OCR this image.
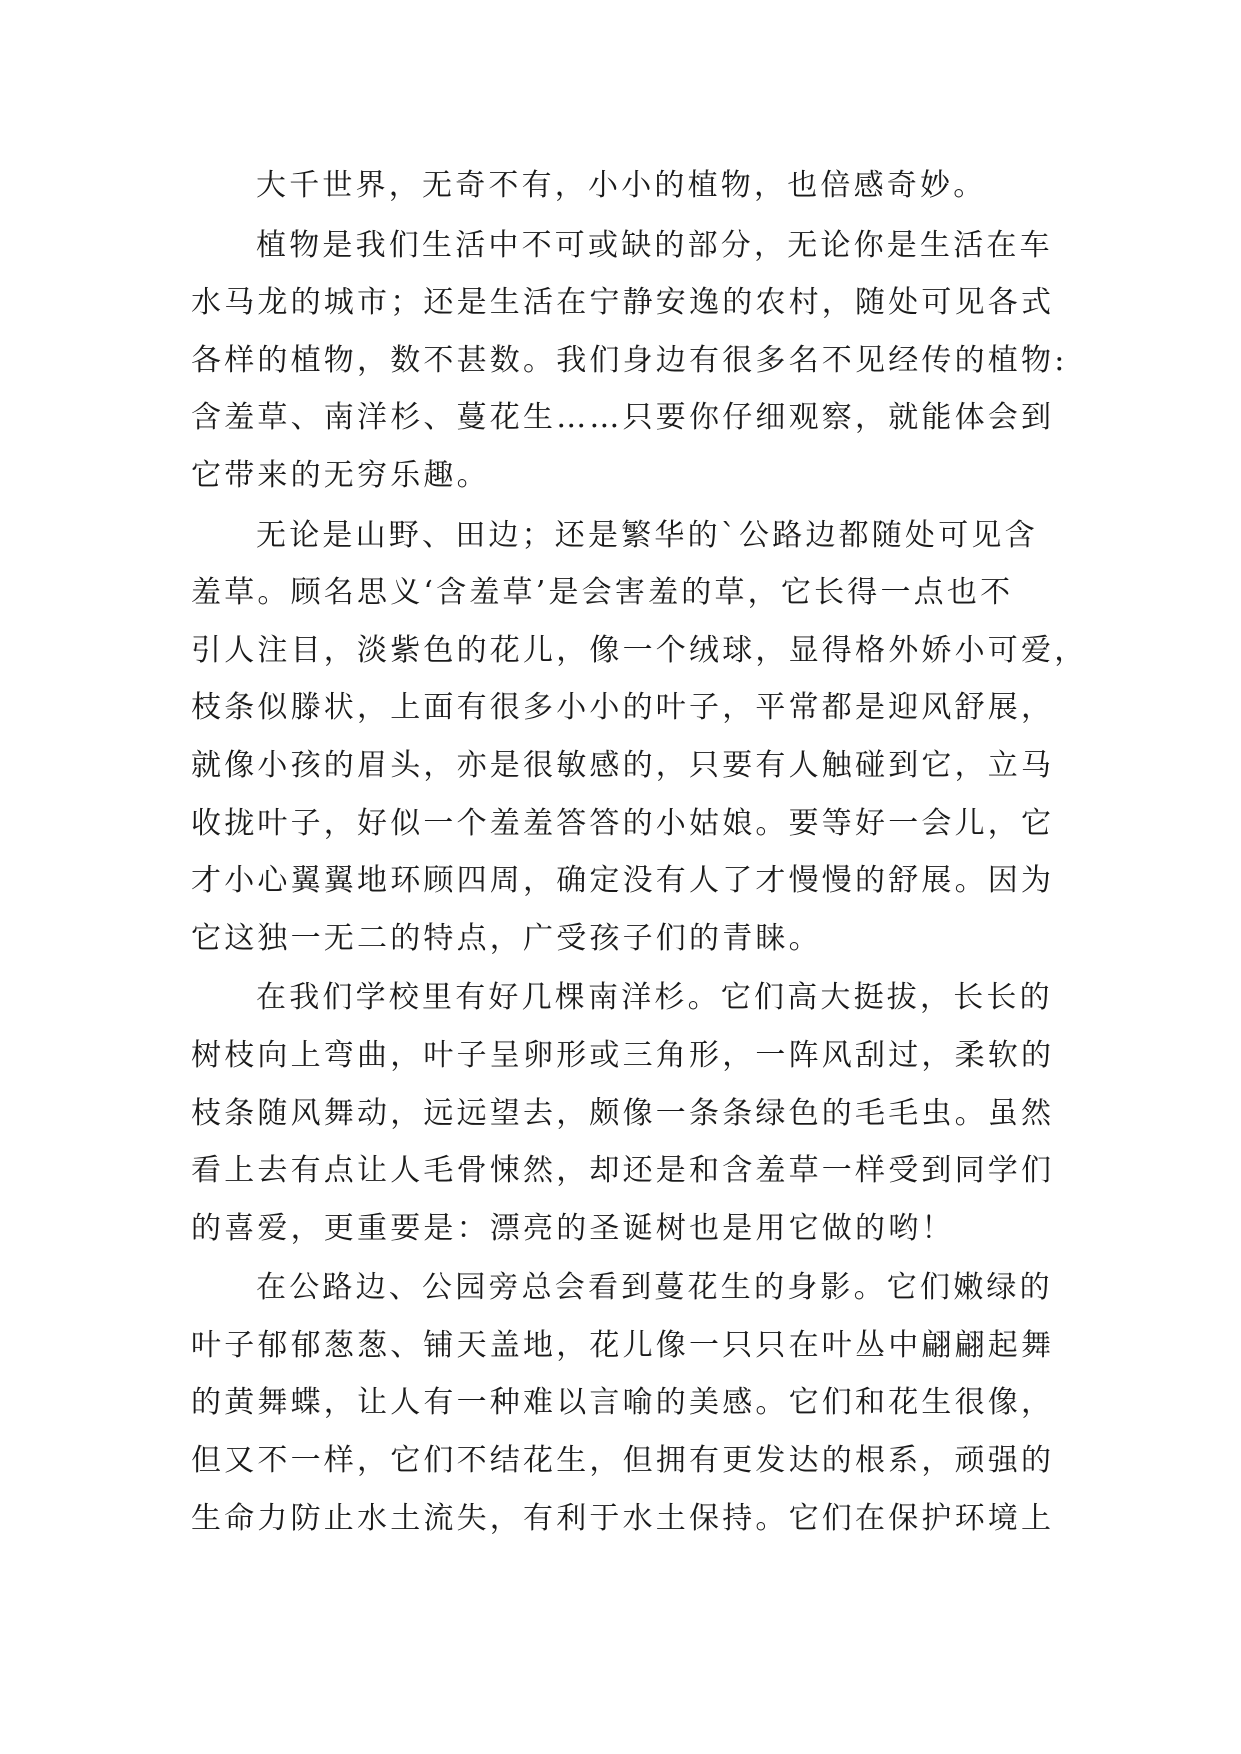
大千世界，无奇不有，小小的植物，也倍感奇妙。
植物是我们生活中不可或缺的部分，无论你是生活在车
水马龙的城市；还是生活在宁静安逸的农村，随处可见各式
各样的植物，数不甚数。我们身边有很多名不见经传的植物:
含羞草、南洋杉、蔓花生……只要你仔细观察，就能体会到
它带来的无穷乐趣。
无论是山野、田边；还是繁华的`公路边都随处可见含
羞草。顾名思义‘含羞草’是会害羞的草，它长得一点也不
引人注目，淡紫色的花儿，像一个绒球，显得格外娇小可爱，
枝条似滕状，上面有很多小小的叶子，平常都是迎风舒展，
就像小孩的眉头，亦是很敏感的，只要有人触碰到它，立马
收拢叶子，好似一个羞羞答答的小姑娘。要等好一会儿，它
才小心翼翼地环顾四周，确定没有人了才慢慢的舒展。因为
它这独一无二的特点，广受孩子们的青睐。
在我们学校里有好几棵南洋杉。它们高大挺拔，长长的
树枝向上弯曲，叶子呈卵形或三角形，一阵风刮过，柔软的
枝条随风舞动，远远望去，颇像一条条绿色的毛毛虫。虽然
看上去有点让人毛骨悚然，却还是和含羞草一样受到同学们
的喜爱，更重要是：漂亮的圣诞树也是用它做的哟！
在公路边、公园旁总会看到蔓花生的身影。它们嫩绿的
叶子郁郁葱葱、铺天盖地，花儿像一只只在叶丛中翩翩起舞
的黄舞蝶，让人有一种难以言喻的美感。它们和花生很像，
但又不一样，它们不结花生，但拥有更发达的根系，顽强的
生命力防止水土流失，有利于水土保持。它们在保护环境上
